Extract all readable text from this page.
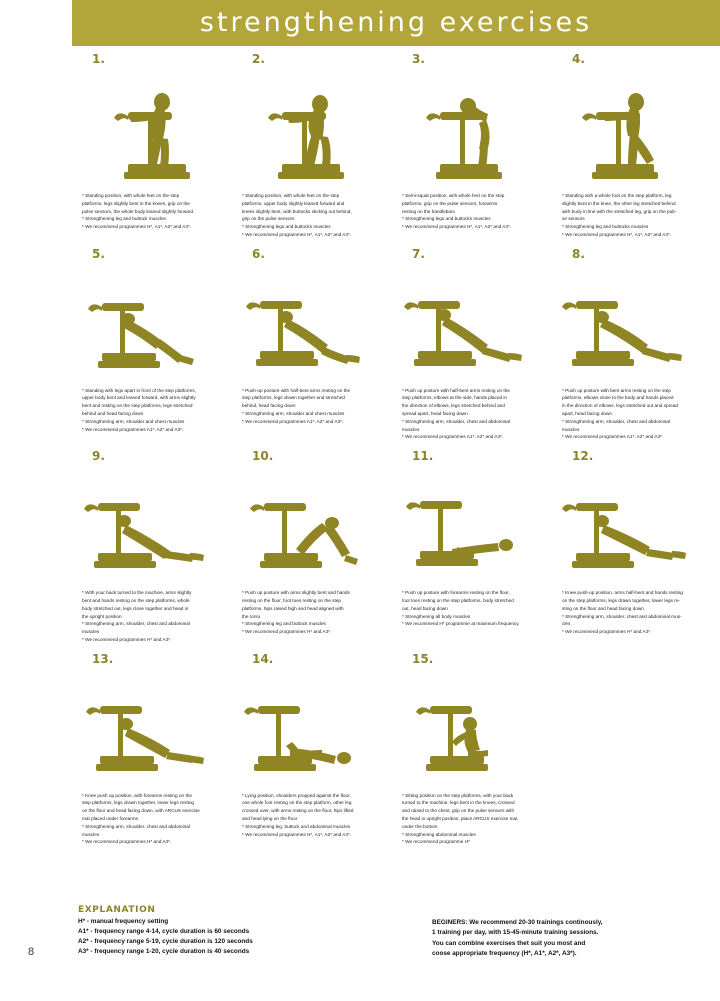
strengthening exercises
1.
* Standing position, with whole feet on the step
platforms, legs slightly bent in the knees, grip on the
pulse sensors, the whole body leaned slightly forward.
* Strengthening leg and buttock muscles
* We recommend programmes H*, A1*, A2* and A3*.
2.
* Standing position, with whole feet on the step
platforms, upper body slightly leaned forward and
knees slightly bent, with buttocks sticking out behind,
grip on the pulse sensors
* Strengthening legs and buttocks muscles
* We recommend programmes H*, A1*, A2* and A3*.
3.
* Semi-squat position, with whole feet on the step
platforms, grip on the pulse sensors, forearms
resting on the handlebars
* Strengthening legs and buttocks muscles
* We recommend programmes H*, A1*, A2* and A3*.
4.
* Standing with a whole foot on the step platform, leg
slightly bent in the knee, the other leg stretched behind
with body in line with the stretched leg, grip on the pub-
se sensors
* Strengthening leg and buttocks muscles
* We recommend programmes H*, A1*, A2* and A3*.
5.
* Standing with legs apart in front of the step platforms,
upper body bent and leaned forward, with arms slightly
bent and resting on the step platforms, legs stretched
behind and head facing down
* Strengthening arm, shoulder and chest muscles
* We recommend programmes A1*, A2* and A3*.
6.
* Push-up posture with half-bent arms resting on the
step platforms, legs drawn together and stretched
behind, head facing down
* Strengthening arm, shoulder and chest muscles
* We recommend programmes A1*, A2* and A3*.
7.
* Push up posture with half-bent arms resting on the
step platforms, elbows at the side, hands placed in
the direction of elbows, legs stretched behind and
spread apart, head facing down
* Strengthening arm, shoulder, chest and abdominal
muscles
* We recommend programmes A1*, A2* and A3*.
8.
* Push up posture with bent arms resting on the step
platforms, elbows close to the body and hands placed
in the direction of elbows, legs stretched out and spread
apart, head facing down
* Strengthening arm, shoulder, chest and abdominal
muscles
* We recommend programmes A1*, A2* and A3*
9.
* With your back turned to the machine, arms slightly
bent and hands resting on the step platforms, whole
body stretched out, legs close together and head in
the upright position
* Strengthening arm, shoulder, chest and abdominal
muscles
* We recommend programmes H* and A3*.
10.
* Push up posture with arms slightly bent and hands
resting on the floor, foot toes resting on the step
platforms, hips raised high and head aligned with
the torso
* Strengthening leg and buttock muscles
* We recommend programmes H* and A3*.
11.
* Push up posture with forearms resting on the floor,
foot toes resting on the step platforms, body stretched
out, head facing down
* Strengthening all body muscles
* We recommend H* programme at maximum frequency.
12.
* Knee push-up position, arms half-bent and hands resting
on the step platforms, legs drawn together, lower legs re-
sting on the floor and head facing down
* Strengthening arm, shoulder, chest and abdominal mus-
cles
* We recommend programmes H* and A3*.
13.
* Knee push up position, with forearms resting on the
step platforms, legs drawn together, lower legs resting
on the floor and head facing down, with ARCUS exercise
mat placed under forearms
* Strengthening arm, shoulder, chest and abdominal
muscles
* We recommend programmes H* and A3*.
14.
* Lying position, shoulders propped against the floor,
one whole foot resting on the step platform, other leg
crossed over, with arms resting on the floor, hips lifted
and head lying on the floor
* Strengthening leg, buttock and abdominal muscles
* We recommend programmes H*, A1*, A2* and A3*.
15.
* Sitting position on the step platforms, with your back
turned to the machine, legs bent in the knees, crossed
and raised to the chest, grip on the pulse sensors with
the head in upright position; place ARCUS exercise mat
under the bottom
* Strengthening abdominal muscles
* We recommend programme H*
EXPLANATION
H* - manual frequency setting
A1* - frequency range 4-14, cycle duration is 60 seconds
A2* - frequency range 5-19, cycle duration is 120 seconds
A3* - frequency range 1-20, cycle duration is 40 seconds
BEGINERS: We recommend 20-30 trainings continously,
1 training per day, with 15-45-minute training sessions.
You can combine exercises thet suit you most and
coose appropriate frequency (H*, A1*, A2*, A3*).
8
